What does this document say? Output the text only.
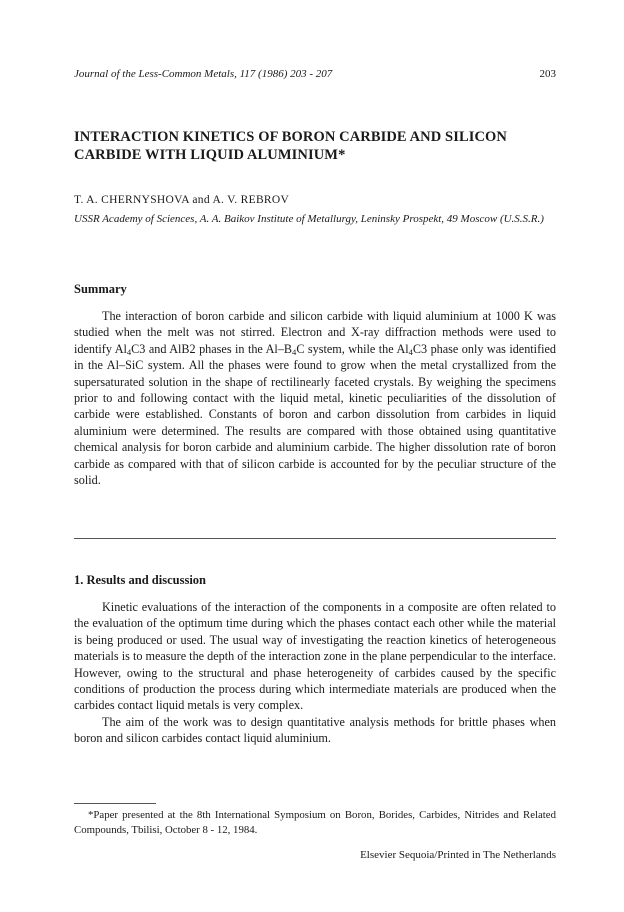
Journal of the Less-Common Metals, 117 (1986) 203 - 207	203
INTERACTION KINETICS OF BORON CARBIDE AND SILICON CARBIDE WITH LIQUID ALUMINIUM*
T. A. CHERNYSHOVA and A. V. REBROV
USSR Academy of Sciences, A. A. Baikov Institute of Metallurgy, Leninsky Prospekt, 49 Moscow (U.S.S.R.)
Summary

The interaction of boron carbide and silicon carbide with liquid aluminium at 1000 K was studied when the melt was not stirred. Electron and X-ray diffraction methods were used to identify $Al_4C3$ and AlB2 phases in the $Al-B_4C$ system, while the $Al_4C3$ phase only was identified in the Al–SiC system. All the phases were found to grow when the metal crystallized from the supersaturated solution in the shape of rectilinearly faceted crystals. By weighing the specimens prior to and following contact with the liquid metal, kinetic peculiarities of the dissolution of carbide were established. Constants of boron and carbon dissolution from carbides in liquid aluminium were determined. The results are compared with those obtained using quantitative chemical analysis for boron carbide and aluminium carbide. The higher dissolution rate of boron carbide as compared with that of silicon carbide is accounted for by the peculiar structure of the solid.

1. Results and discussion

Kinetic evaluations of the interaction of the components in a composite are often related to the evaluation of the optimum time during which the phases contact each other while the material is being produced or used. The usual way of investigating the reaction kinetics of heterogeneous materials is to measure the depth of the interaction zone in the plane perpendicular to the interface. However, owing to the structural and phase heterogeneity of carbides caused by the specific conditions of production the process during which intermediate materials are produced when the carbides contact liquid metals is very complex.

The aim of the work was to design quantitative analysis methods for brittle phases when boron and silicon carbides contact liquid aluminium.

*Paper presented at the 8th International Symposium on Boron, Borides, Carbides, Nitrides and Related Compounds, Tbilisi, October 8 - 12, 1984.

Elsevier Sequoia/Printed in The Netherlands
